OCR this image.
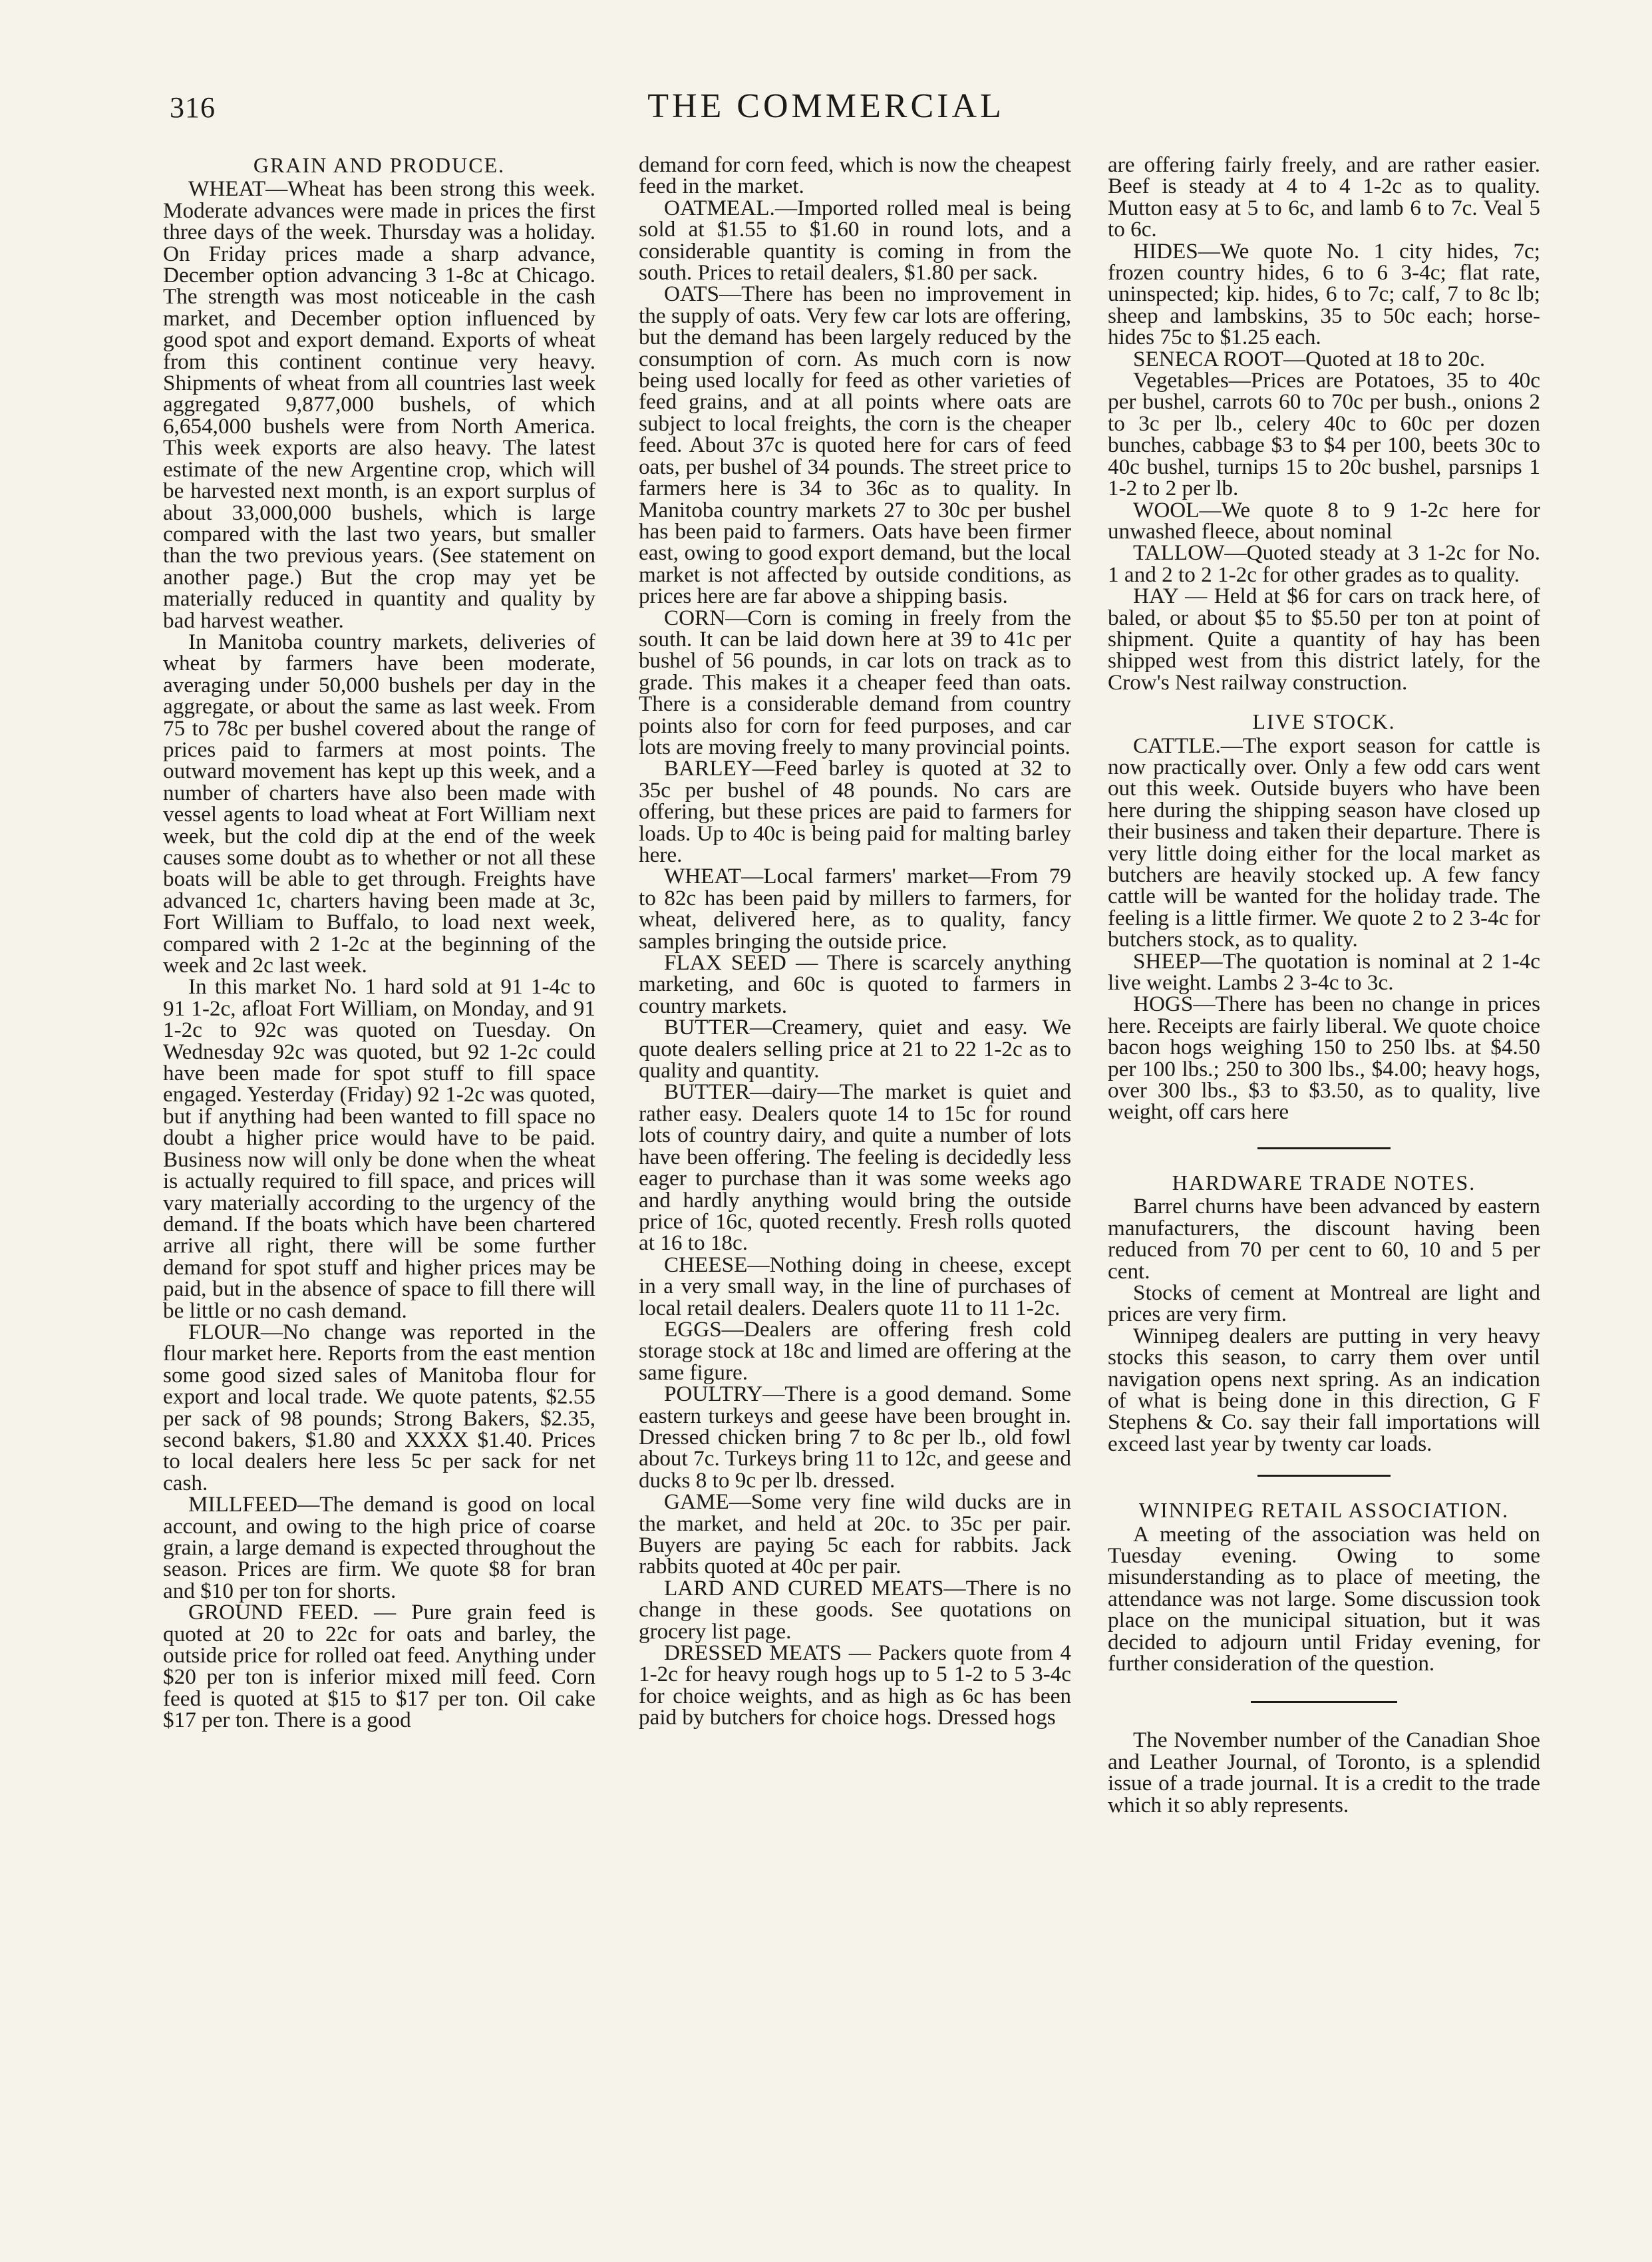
316	THE COMMERCIAL
GRAIN AND PRODUCE.

WHEAT—Wheat has been strong this week. Moderate advances were made in prices the first three days of the week. Thursday was a holiday. On Friday prices made a sharp advance, December option advancing 3 1-8c at Chicago. The strength was most noticeable in the cash market, and December option influenced by good spot and export demand. Exports of wheat from this continent continue very heavy. Shipments of wheat from all countries last week aggregated 9,877,000 bushels, of which 6,654,000 bushels were from North America. This week exports are also heavy. The latest estimate of the new Argentine crop, which will be harvested next month, is an export surplus of about 33,000,000 bushels, which is large compared with the last two years, but smaller than the two previous years. (See statement on another page.) But the crop may yet be materially reduced in quantity and quality by bad harvest weather.

In Manitoba country markets, deliveries of wheat by farmers have been moderate, averaging under 50,000 bushels per day in the aggregate, or about the same as last week. From 75 to 78c per bushel covered about the range of prices paid to farmers at most points. The outward movement has kept up this week, and a number of charters have also been made with vessel agents to load wheat at Fort William next week, but the cold dip at the end of the week causes some doubt as to whether or not all these boats will be able to get through. Freights have advanced 1c, charters having been made at 3c, Fort William to Buffalo, to load next week, compared with 2 1-2c at the beginning of the week and 2c last week.

In this market No. 1 hard sold at 91 1-4c to 91 1-2c, afloat Fort William, on Monday, and 91 1-2c to 92c was quoted on Tuesday. On Wednesday 92c was quoted, but 92 1-2c could have been made for spot stuff to fill space engaged. Yesterday (Friday) 92 1-2c was quoted, but if anything had been wanted to fill space no doubt a higher price would have to be paid. Business now will only be done when the wheat is actually required to fill space, and prices will vary materially according to the urgency of the demand. If the boats which have been chartered arrive all right, there will be some further demand for spot stuff and higher prices may be paid, but in the absence of space to fill there will be little or no cash demand.

FLOUR—No change was reported in the flour market here. Reports from the east mention some good sized sales of Manitoba flour for export and local trade. We quote patents, $2.55 per sack of 98 pounds; Strong Bakers, $2.35, second bakers, $1.80 and XXXX $1.40. Prices to local dealers here less 5c per sack for net cash.

MILLFEED—The demand is good on local account, and owing to the high price of coarse grain, a large demand is expected throughout the season. Prices are firm. We quote $8 for bran and $10 per ton for shorts.

GROUND FEED. — Pure grain feed is quoted at 20 to 22c for oats and barley, the outside price for rolled oat feed. Anything under $20 per ton is inferior mixed mill feed. Corn feed is quoted at $15 to $17 per ton. Oil cake $17 per ton. There is a good

demand for corn feed, which is now the cheapest feed in the market.

OATMEAL.—Imported rolled meal is being sold at $1.55 to $1.60 in round lots, and a considerable quantity is coming in from the south. Prices to retail dealers, $1.80 per sack.

OATS—There has been no improvement in the supply of oats. Very few car lots are offering, but the demand has been largely reduced by the consumption of corn. As much corn is now being used locally for feed as other varieties of feed grains, and at all points where oats are subject to local freights, the corn is the cheaper feed. About 37c is quoted here for cars of feed oats, per bushel of 34 pounds. The street price to farmers here is 34 to 36c as to quality. In Manitoba country markets 27 to 30c per bushel has been paid to farmers. Oats have been firmer east, owing to good export demand, but the local market is not affected by outside conditions, as prices here are far above a shipping basis.

CORN—Corn is coming in freely from the south. It can be laid down here at 39 to 41c per bushel of 56 pounds, in car lots on track as to grade. This makes it a cheaper feed than oats. There is a considerable demand from country points also for corn for feed purposes, and car lots are moving freely to many provincial points.

BARLEY—Feed barley is quoted at 32 to 35c per bushel of 48 pounds. No cars are offering, but these prices are paid to farmers for loads. Up to 40c is being paid for malting barley here.

WHEAT—Local farmers' market—From 79 to 82c has been paid by millers to farmers, for wheat, delivered here, as to quality, fancy samples bringing the outside price.

FLAX SEED — There is scarcely anything marketing, and 60c is quoted to farmers in country markets.

BUTTER—Creamery, quiet and easy. We quote dealers selling price at 21 to 22 1-2c as to quality and quantity.

BUTTER—dairy—The market is quiet and rather easy. Dealers quote 14 to 15c for round lots of country dairy, and quite a number of lots have been offering. The feeling is decidedly less eager to purchase than it was some weeks ago and hardly anything would bring the outside price of 16c, quoted recently. Fresh rolls quoted at 16 to 18c.

CHEESE—Nothing doing in cheese, except in a very small way, in the line of purchases of local retail dealers. Dealers quote 11 to 11 1-2c.

EGGS—Dealers are offering fresh cold storage stock at 18c and limed are offering at the same figure.

POULTRY—There is a good demand. Some eastern turkeys and geese have been brought in. Dressed chicken bring 7 to 8c per lb., old fowl about 7c. Turkeys bring 11 to 12c, and geese and ducks 8 to 9c per lb. dressed.

GAME—Some very fine wild ducks are in the market, and held at 20c. to 35c per pair. Buyers are paying 5c each for rabbits. Jack rabbits quoted at 40c per pair.

LARD AND CURED MEATS—There is no change in these goods. See quotations on grocery list page.

DRESSED MEATS — Packers quote from 4 1-2c for heavy rough hogs up to 5 1-2 to 5 3-4c for choice weights, and as high as 6c has been paid by butchers for choice hogs. Dressed hogs

are offering fairly freely, and are rather easier. Beef is steady at 4 to 4 1-2c as to quality. Mutton easy at 5 to 6c, and lamb 6 to 7c. Veal 5 to 6c.

HIDES—We quote No. 1 city hides, 7c; frozen country hides, 6 to 6 3-4c; flat rate, uninspected; kip. hides, 6 to 7c; calf, 7 to 8c lb; sheep and lambskins, 35 to 50c each; horse-hides 75c to $1.25 each.

SENECA ROOT—Quoted at 18 to 20c.

Vegetables—Prices are Potatoes, 35 to 40c per bushel, carrots 60 to 70c per bush., onions 2 to 3c per lb., celery 40c to 60c per dozen bunches, cabbage $3 to $4 per 100, beets 30c to 40c bushel, turnips 15 to 20c bushel, parsnips 1 1-2 to 2 per lb.

WOOL—We quote 8 to 9 1-2c here for unwashed fleece, about nominal

TALLOW—Quoted steady at 3 1-2c for No. 1 and 2 to 2 1-2c for other grades as to quality.

HAY — Held at $6 for cars on track here, of baled, or about $5 to $5.50 per ton at point of shipment. Quite a quantity of hay has been shipped west from this district lately, for the Crow's Nest railway construction.

LIVE STOCK.

CATTLE.—The export season for cattle is now practically over. Only a few odd cars went out this week. Outside buyers who have been here during the shipping season have closed up their business and taken their departure. There is very little doing either for the local market as butchers are heavily stocked up. A few fancy cattle will be wanted for the holiday trade. The feeling is a little firmer. We quote 2 to 2 3-4c for butchers stock, as to quality.

SHEEP—The quotation is nominal at 2 1-4c live weight. Lambs 2 3-4c to 3c.

HOGS—There has been no change in prices here. Receipts are fairly liberal. We quote choice bacon hogs weighing 150 to 250 lbs. at $4.50 per 100 lbs.; 250 to 300 lbs., $4.00; heavy hogs, over 300 lbs., $3 to $3.50, as to quality, live weight, off cars here

HARDWARE TRADE NOTES.

Barrel churns have been advanced by eastern manufacturers, the discount having been reduced from 70 per cent to 60, 10 and 5 per cent.

Stocks of cement at Montreal are light and prices are very firm.

Winnipeg dealers are putting in very heavy stocks this season, to carry them over until navigation opens next spring. As an indication of what is being done in this direction, G F Stephens & Co. say their fall importations will exceed last year by twenty car loads.

WINNIPEG RETAIL ASSOCIATION.

A meeting of the association was held on Tuesday evening. Owing to some misunderstanding as to place of meeting, the attendance was not large. Some discussion took place on the municipal situation, but it was decided to adjourn until Friday evening, for further consideration of the question.

The November number of the Canadian Shoe and Leather Journal, of Toronto, is a splendid issue of a trade journal. It is a credit to the trade which it so ably represents.
